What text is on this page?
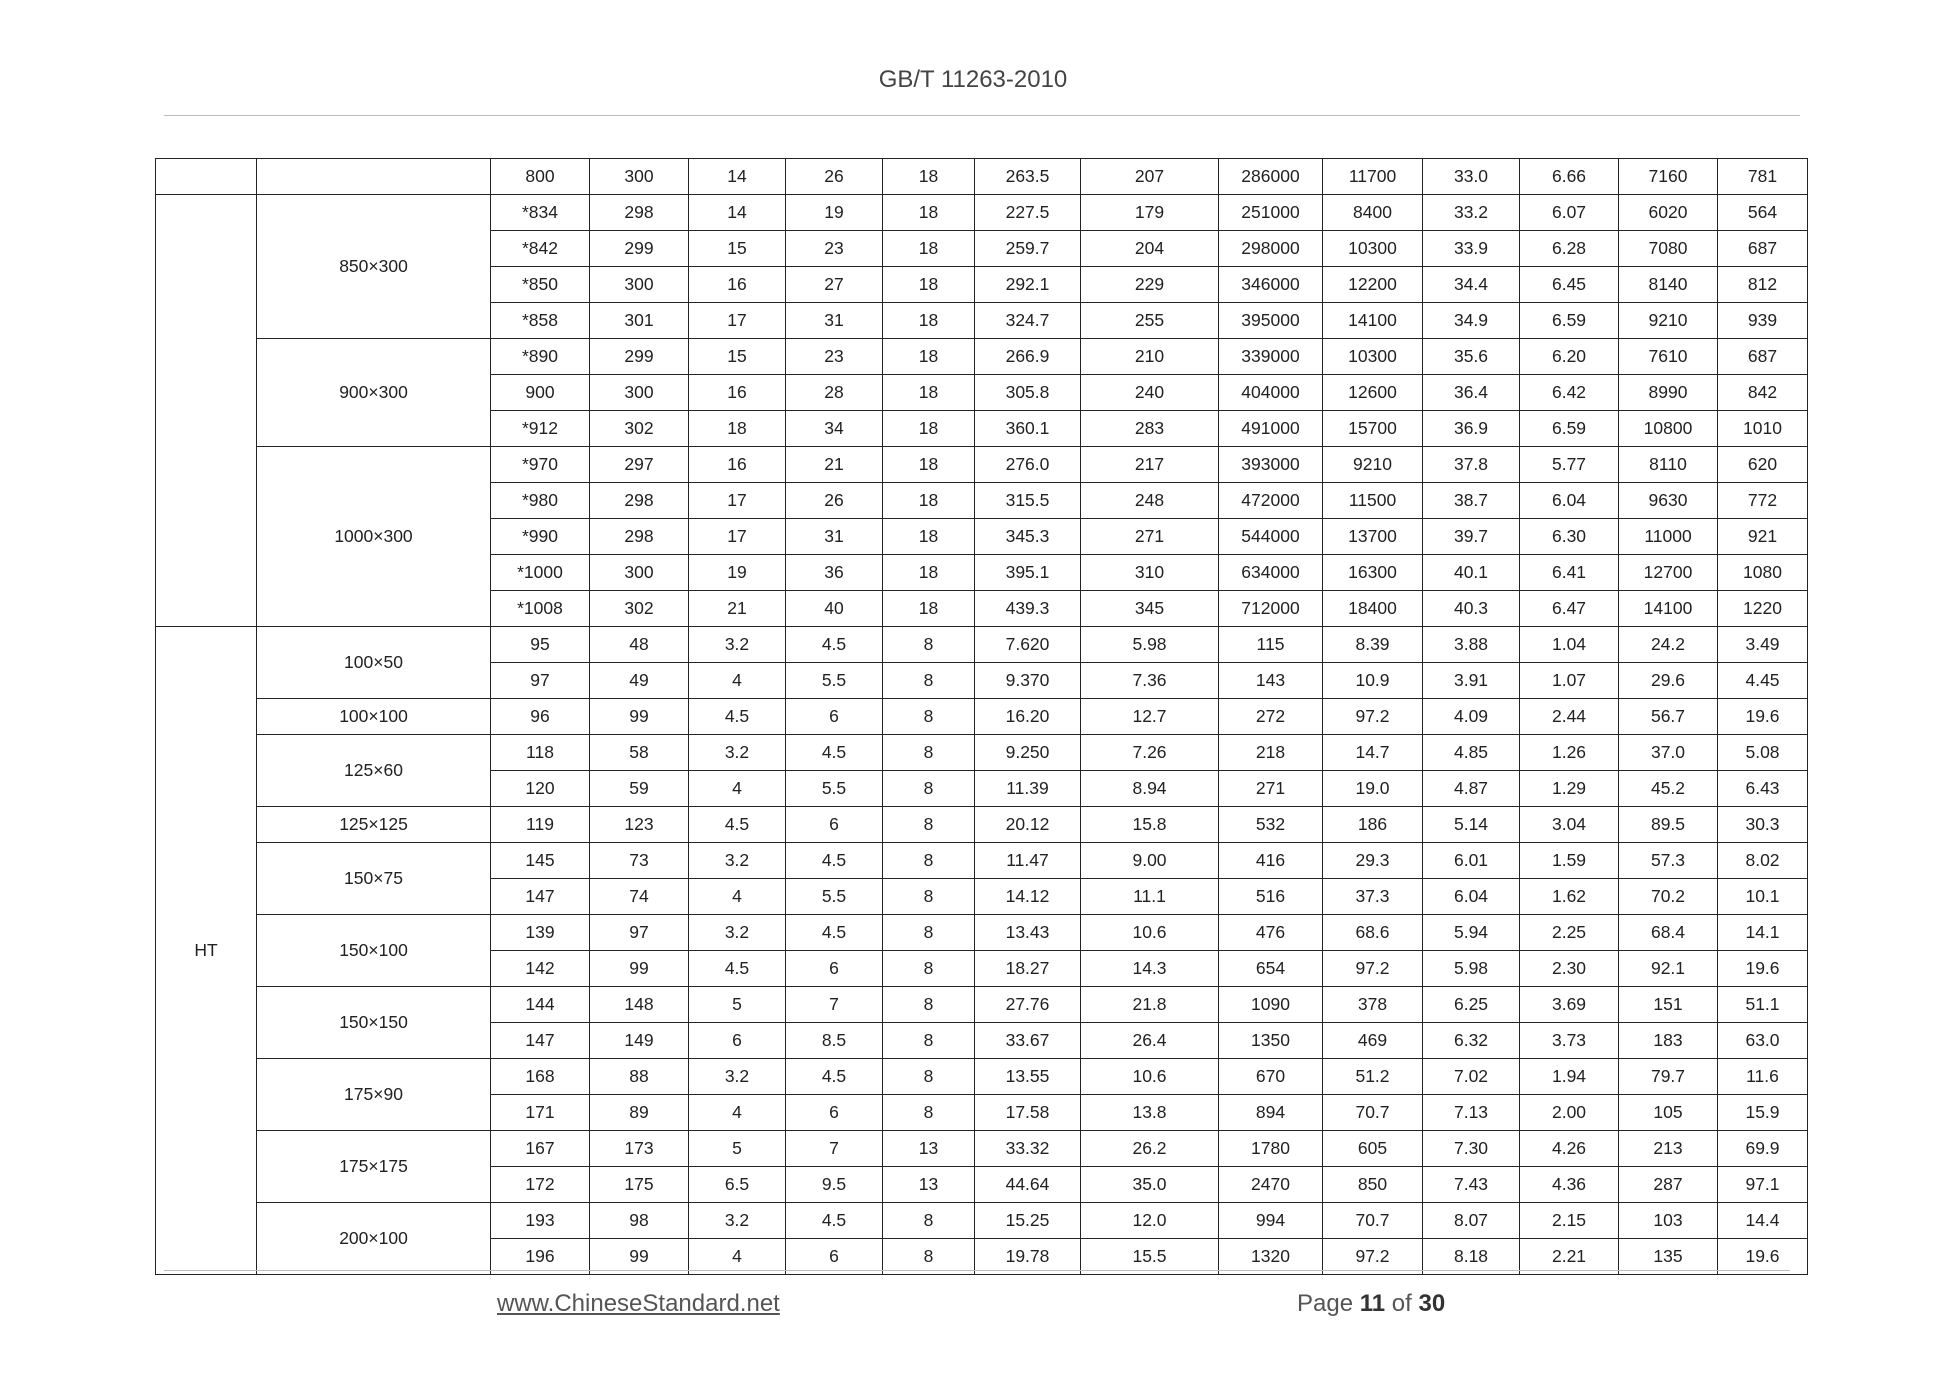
GB/T 11263-2010
		800	300	14	26	18	263.5	207	286000	11700	33.0	6.66	7160	781
	850×300	*834	298	14	19	18	227.5	179	251000	8400	33.2	6.07	6020	564
		*842	299	15	23	18	259.7	204	298000	10300	33.9	6.28	7080	687
		*850	300	16	27	18	292.1	229	346000	12200	34.4	6.45	8140	812
		*858	301	17	31	18	324.7	255	395000	14100	34.9	6.59	9210	939
	900×300	*890	299	15	23	18	266.9	210	339000	10300	35.6	6.20	7610	687
		900	300	16	28	18	305.8	240	404000	12600	36.4	6.42	8990	842
		*912	302	18	34	18	360.1	283	491000	15700	36.9	6.59	10800	1010
	1000×300	*970	297	16	21	18	276.0	217	393000	9210	37.8	5.77	8110	620
		*980	298	17	26	18	315.5	248	472000	11500	38.7	6.04	9630	772
		*990	298	17	31	18	345.3	271	544000	13700	39.7	6.30	11000	921
		*1000	300	19	36	18	395.1	310	634000	16300	40.1	6.41	12700	1080
		*1008	302	21	40	18	439.3	345	712000	18400	40.3	6.47	14100	1220
HT	100×50	95	48	3.2	4.5	8	7.620	5.98	115	8.39	3.88	1.04	24.2	3.49
		97	49	4	5.5	8	9.370	7.36	143	10.9	3.91	1.07	29.6	4.45
	100×100	96	99	4.5	6	8	16.20	12.7	272	97.2	4.09	2.44	56.7	19.6
	125×60	118	58	3.2	4.5	8	9.250	7.26	218	14.7	4.85	1.26	37.0	5.08
		120	59	4	5.5	8	11.39	8.94	271	19.0	4.87	1.29	45.2	6.43
	125×125	119	123	4.5	6	8	20.12	15.8	532	186	5.14	3.04	89.5	30.3
	150×75	145	73	3.2	4.5	8	11.47	9.00	416	29.3	6.01	1.59	57.3	8.02
		147	74	4	5.5	8	14.12	11.1	516	37.3	6.04	1.62	70.2	10.1
	150×100	139	97	3.2	4.5	8	13.43	10.6	476	68.6	5.94	2.25	68.4	14.1
		142	99	4.5	6	8	18.27	14.3	654	97.2	5.98	2.30	92.1	19.6
	150×150	144	148	5	7	8	27.76	21.8	1090	378	6.25	3.69	151	51.1
		147	149	6	8.5	8	33.67	26.4	1350	469	6.32	3.73	183	63.0
	175×90	168	88	3.2	4.5	8	13.55	10.6	670	51.2	7.02	1.94	79.7	11.6
		171	89	4	6	8	17.58	13.8	894	70.7	7.13	2.00	105	15.9
	175×175	167	173	5	7	13	33.32	26.2	1780	605	7.30	4.26	213	69.9
		172	175	6.5	9.5	13	44.64	35.0	2470	850	7.43	4.36	287	97.1
	200×100	193	98	3.2	4.5	8	15.25	12.0	994	70.7	8.07	2.15	103	14.4
		196	99	4	6	8	19.78	15.5	1320	97.2	8.18	2.21	135	19.6
www.ChineseStandard.net	Page 11 of 30
